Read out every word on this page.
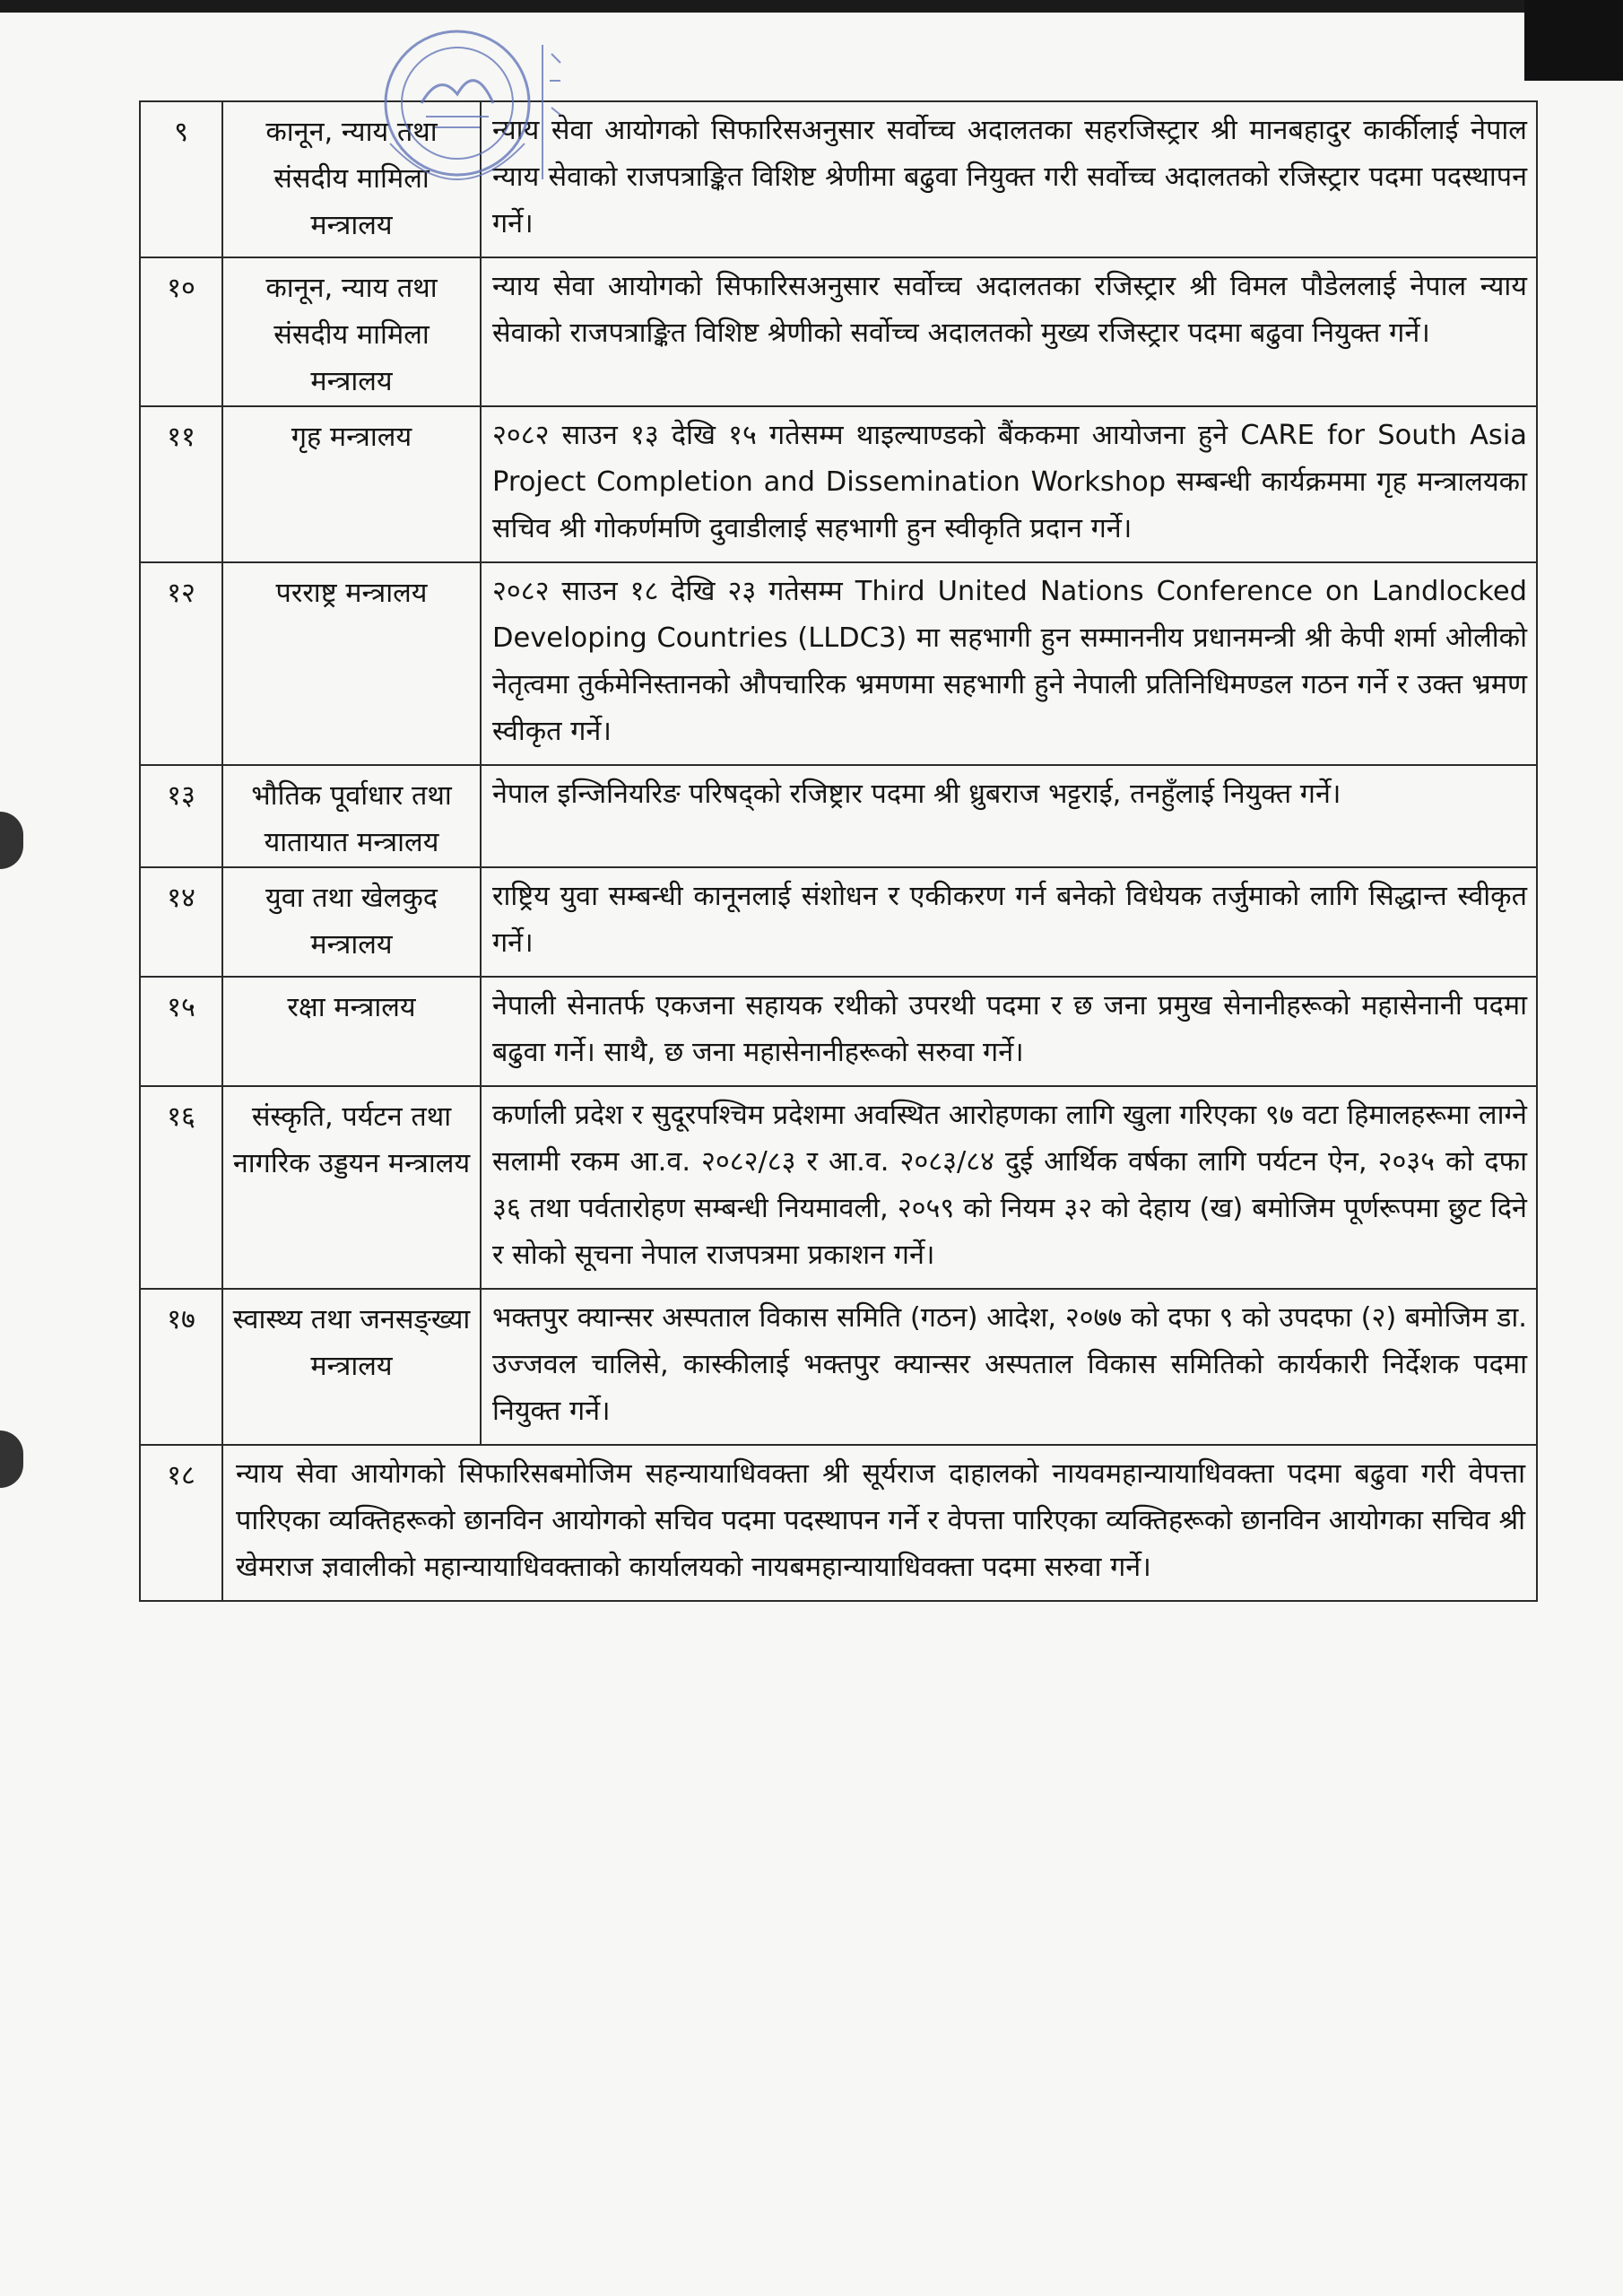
९	कानून, न्याय तथा संसदीय मामिला मन्त्रालय	न्याय सेवा आयोगको सिफारिसअनुसार सर्वोच्च अदालतका सहरजिस्ट्रार श्री मानबहादुर कार्कीलाई नेपाल न्याय सेवाको राजपत्राङ्कित विशिष्ट श्रेणीमा बढुवा नियुक्त गरी सर्वोच्च अदालतको रजिस्ट्रार पदमा पदस्थापन गर्ने।
१०	कानून, न्याय तथा संसदीय मामिला मन्त्रालय	न्याय सेवा आयोगको सिफारिसअनुसार सर्वोच्च अदालतका रजिस्ट्रार श्री विमल पौडेललाई नेपाल न्याय सेवाको राजपत्राङ्कित विशिष्ट श्रेणीको सर्वोच्च अदालतको मुख्य रजिस्ट्रार पदमा बढुवा नियुक्त गर्ने।
११	गृह मन्त्रालय	२०८२ साउन १३ देखि १५ गतेसम्म थाइल्याण्डको बैंककमा आयोजना हुने CARE for South Asia Project Completion and Dissemination Workshop सम्बन्धी कार्यक्रममा गृह मन्त्रालयका सचिव श्री गोकर्णमणि दुवाडीलाई सहभागी हुन स्वीकृति प्रदान गर्ने।
१२	परराष्ट्र मन्त्रालय	२०८२ साउन १८ देखि २३ गतेसम्म Third United Nations Conference on Landlocked Developing Countries (LLDC3) मा सहभागी हुन सम्माननीय प्रधानमन्त्री श्री केपी शर्मा ओलीको नेतृत्वमा तुर्कमेनिस्तानको औपचारिक भ्रमणमा सहभागी हुने नेपाली प्रतिनिधिमण्डल गठन गर्ने र उक्त भ्रमण स्वीकृत गर्ने।
१३	भौतिक पूर्वाधार तथा यातायात मन्त्रालय	नेपाल इन्जिनियरिङ परिषद्को रजिष्ट्रार पदमा श्री ध्रुबराज भट्टराई, तनहुँलाई नियुक्त गर्ने।
१४	युवा तथा खेलकुद मन्त्रालय	राष्ट्रिय युवा सम्बन्धी कानूनलाई संशोधन र एकीकरण गर्न बनेको विधेयक तर्जुमाको लागि सिद्धान्त स्वीकृत गर्ने।
१५	रक्षा मन्त्रालय	नेपाली सेनातर्फ एकजना सहायक रथीको उपरथी पदमा र छ जना प्रमुख सेनानीहरूको महासेनानी पदमा बढुवा गर्ने। साथै, छ जना महासेनानीहरूको सरुवा गर्ने।
१६	संस्कृति, पर्यटन तथा नागरिक उड्डयन मन्त्रालय	कर्णाली प्रदेश र सुदूरपश्चिम प्रदेशमा अवस्थित आरोहणका लागि खुला गरिएका ९७ वटा हिमालहरूमा लाग्ने सलामी रकम आ.व. २०८२/८३ र आ.व. २०८३/८४ दुई आर्थिक वर्षका लागि पर्यटन ऐन, २०३५ को दफा ३६ तथा पर्वतारोहण सम्बन्धी नियमावली, २०५९ को नियम ३२ को देहाय (ख) बमोजिम पूर्णरूपमा छुट दिने र सोको सूचना नेपाल राजपत्रमा प्रकाशन गर्ने।
१७	स्वास्थ्य तथा जनसङ्ख्या मन्त्रालय	भक्तपुर क्यान्सर अस्पताल विकास समिति (गठन) आदेश, २०७७ को दफा ९ को उपदफा (२) बमोजिम डा. उज्जवल चालिसे, कास्कीलाई भक्तपुर क्यान्सर अस्पताल विकास समितिको कार्यकारी निर्देशक पदमा नियुक्त गर्ने।
१८	न्याय सेवा आयोगको सिफारिसबमोजिम सहन्यायाधिवक्ता श्री सूर्यराज दाहालको नायवमहान्यायाधिवक्ता पदमा बढुवा गरी वेपत्ता पारिएका व्यक्तिहरूको छानविन आयोगको सचिव पदमा पदस्थापन गर्ने र वेपत्ता पारिएका व्यक्तिहरूको छानविन आयोगका सचिव श्री खेमराज ज्ञवालीको महान्यायाधिवक्ताको कार्यालयको नायबमहान्यायाधिवक्ता पदमा सरुवा गर्ने।	
